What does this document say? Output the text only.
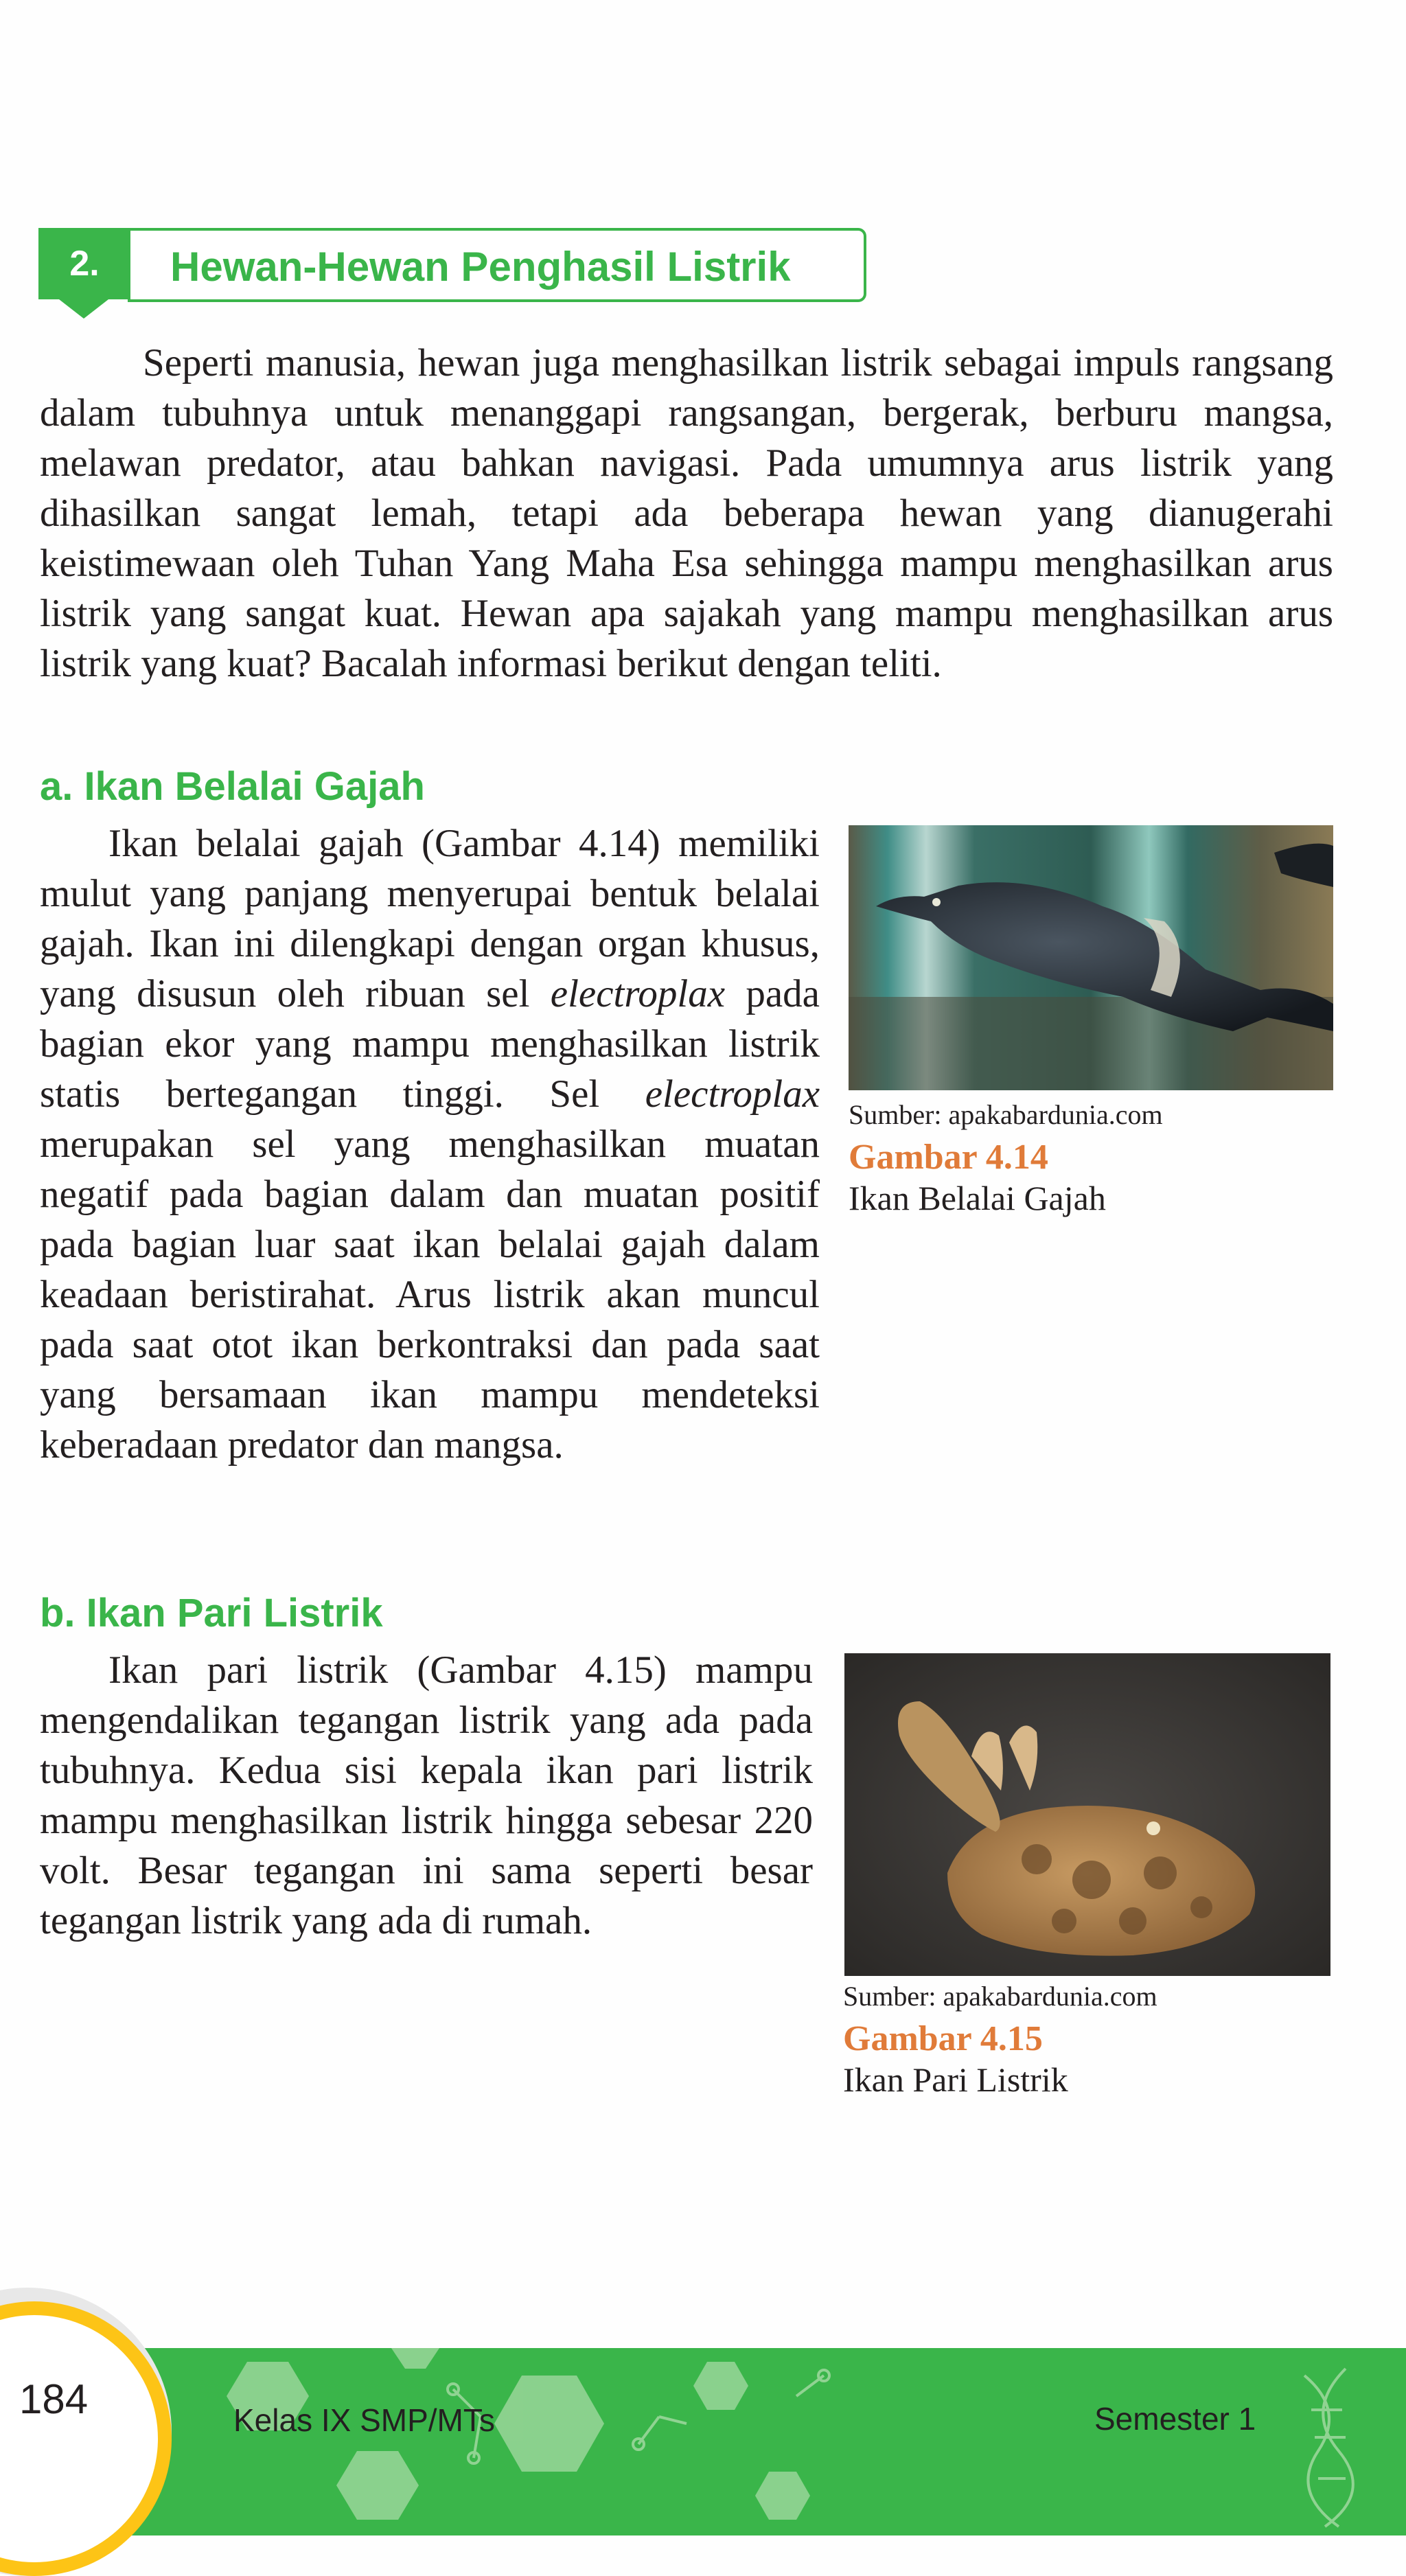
2.	Hewan-Hewan Penghasil Listrik

Seperti manusia, hewan juga menghasilkan listrik sebagai impuls rangsang dalam tubuhnya untuk menanggapi rangsangan, bergerak, berburu mangsa, melawan predator, atau bahkan navigasi. Pada umumnya arus listrik yang dihasilkan sangat lemah, tetapi ada beberapa hewan yang dianugerahi keistimewaan oleh Tuhan Yang Maha Esa sehingga mampu menghasilkan arus listrik yang sangat kuat. Hewan apa sajakah yang mampu menghasilkan arus listrik yang kuat? Bacalah informasi berikut dengan teliti.

a. Ikan Belalai Gajah

Ikan belalai gajah (Gambar 4.14) memiliki mulut yang panjang menyerupai bentuk belalai gajah. Ikan ini dilengkapi dengan organ khusus, yang disusun oleh ribuan sel electroplax pada bagian ekor yang mampu menghasilkan listrik statis bertegangan tinggi. Sel electroplax merupakan sel yang menghasilkan muatan negatif pada bagian dalam dan muatan positif pada bagian luar saat ikan belalai gajah dalam keadaan beristirahat. Arus listrik akan muncul pada saat otot ikan berkontraksi dan pada saat yang bersamaan ikan mampu mendeteksi keberadaan predator dan mangsa.

Sumber: apakabardunia.com
Gambar 4.14
Ikan Belalai Gajah
b. Ikan Pari Listrik

Ikan pari listrik (Gambar 4.15) mampu mengendalikan tegangan listrik yang ada pada tubuhnya. Kedua sisi kepala ikan pari listrik mampu menghasilkan listrik hingga sebesar 220 volt. Besar tegangan ini sama seperti besar tegangan listrik yang ada di rumah.

Sumber: apakabardunia.com
Gambar 4.15
Ikan Pari Listrik
184	Kelas IX SMP/MTs	Semester 1
